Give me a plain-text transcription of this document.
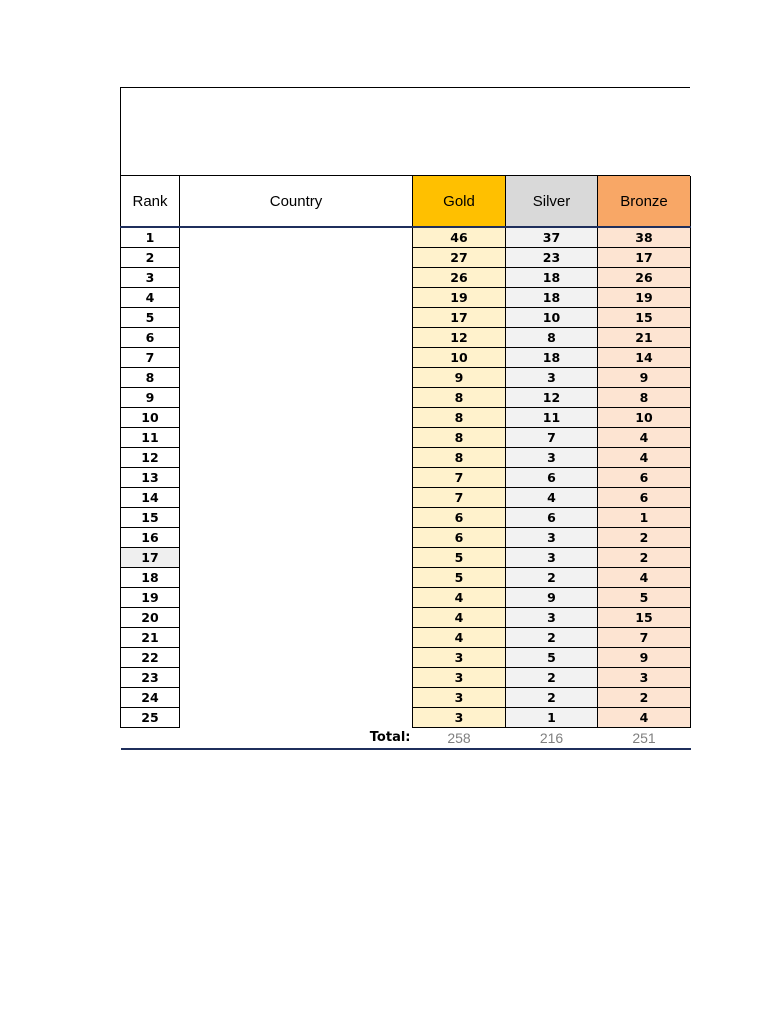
Rank	Country	Gold	Silver	Bronze
1		46	37	38
2		27	23	17
3		26	18	26
4		19	18	19
5		17	10	15
6		12	8	21
7		10	18	14
8		9	3	9
9		8	12	8
10		8	11	10
11		8	7	4
12		8	3	4
13		7	6	6
14		7	4	6
15		6	6	1
16		6	3	2
17		5	3	2
18		5	2	4
19		4	9	5
20		4	3	15
21		4	2	7
22		3	5	9
23		3	2	3
24		3	2	2
25		3	1	4
	Total:	258	216	251
